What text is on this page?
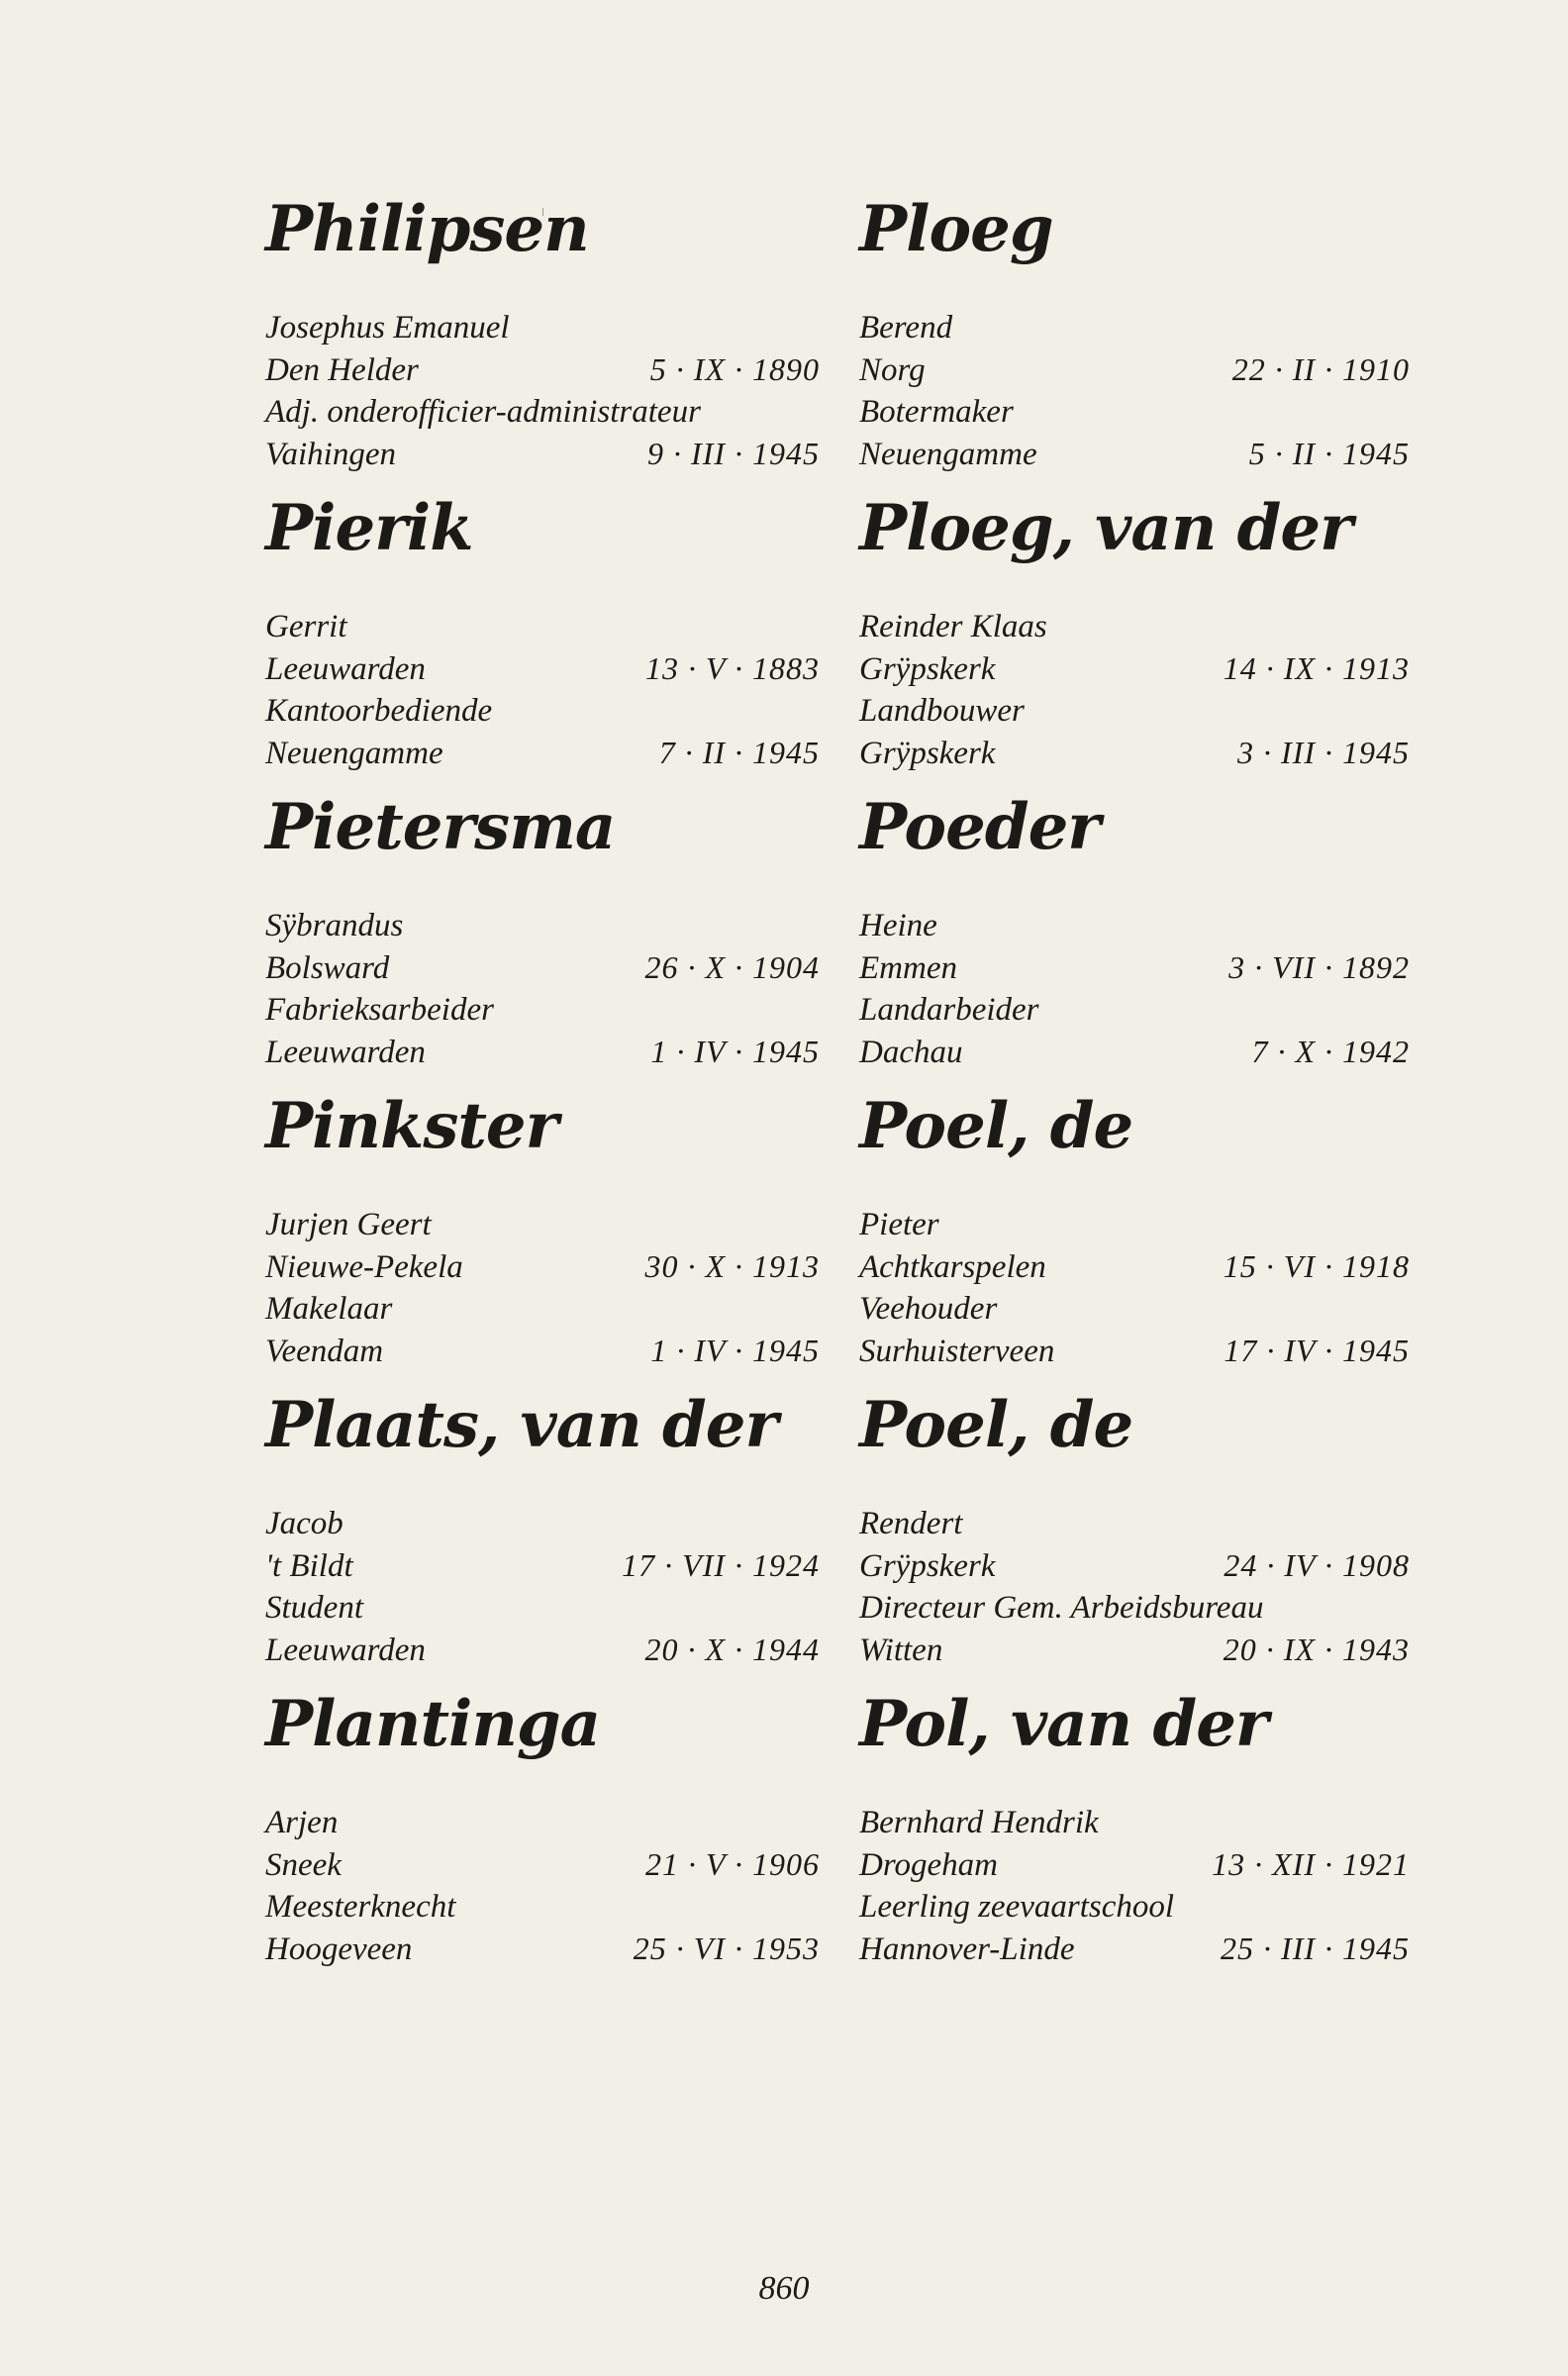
Philipsen
Josephus Emanuel
Den Helder	5 · IX · 1890
Adj. onderofficier-administrateur
Vaihingen	9 · III · 1945
Pierik
Gerrit
Leeuwarden	13 · V · 1883
Kantoorbediende
Neuengamme	7 · II · 1945
Pietersma
Sÿbrandus
Bolsward	26 · X · 1904
Fabrieksarbeider
Leeuwarden	1 · IV · 1945
Pinkster
Jurjen Geert
Nieuwe-Pekela	30 · X · 1913
Makelaar
Veendam	1 · IV · 1945
Plaats, van der
Jacob
't Bildt	17 · VII · 1924
Student
Leeuwarden	20 · X · 1944
Plantinga
Arjen
Sneek	21 · V · 1906
Meesterknecht
Hoogeveen	25 · VI · 1953
Ploeg
Berend
Norg	22 · II · 1910
Botermaker
Neuengamme	5 · II · 1945
Ploeg, van der
Reinder Klaas
Grÿpskerk	14 · IX · 1913
Landbouwer
Grÿpskerk	3 · III · 1945
Poeder
Heine
Emmen	3 · VII · 1892
Landarbeider
Dachau	7 · X · 1942
Poel, de
Pieter
Achtkarspelen	15 · VI · 1918
Veehouder
Surhuisterveen	17 · IV · 1945
Poel, de
Rendert
Grÿpskerk	24 · IV · 1908
Directeur Gem. Arbeidsbureau
Witten	20 · IX · 1943
Pol, van der
Bernhard Hendrik
Drogeham	13 · XII · 1921
Leerling zeevaartschool
Hannover-Linde	25 · III · 1945
860
